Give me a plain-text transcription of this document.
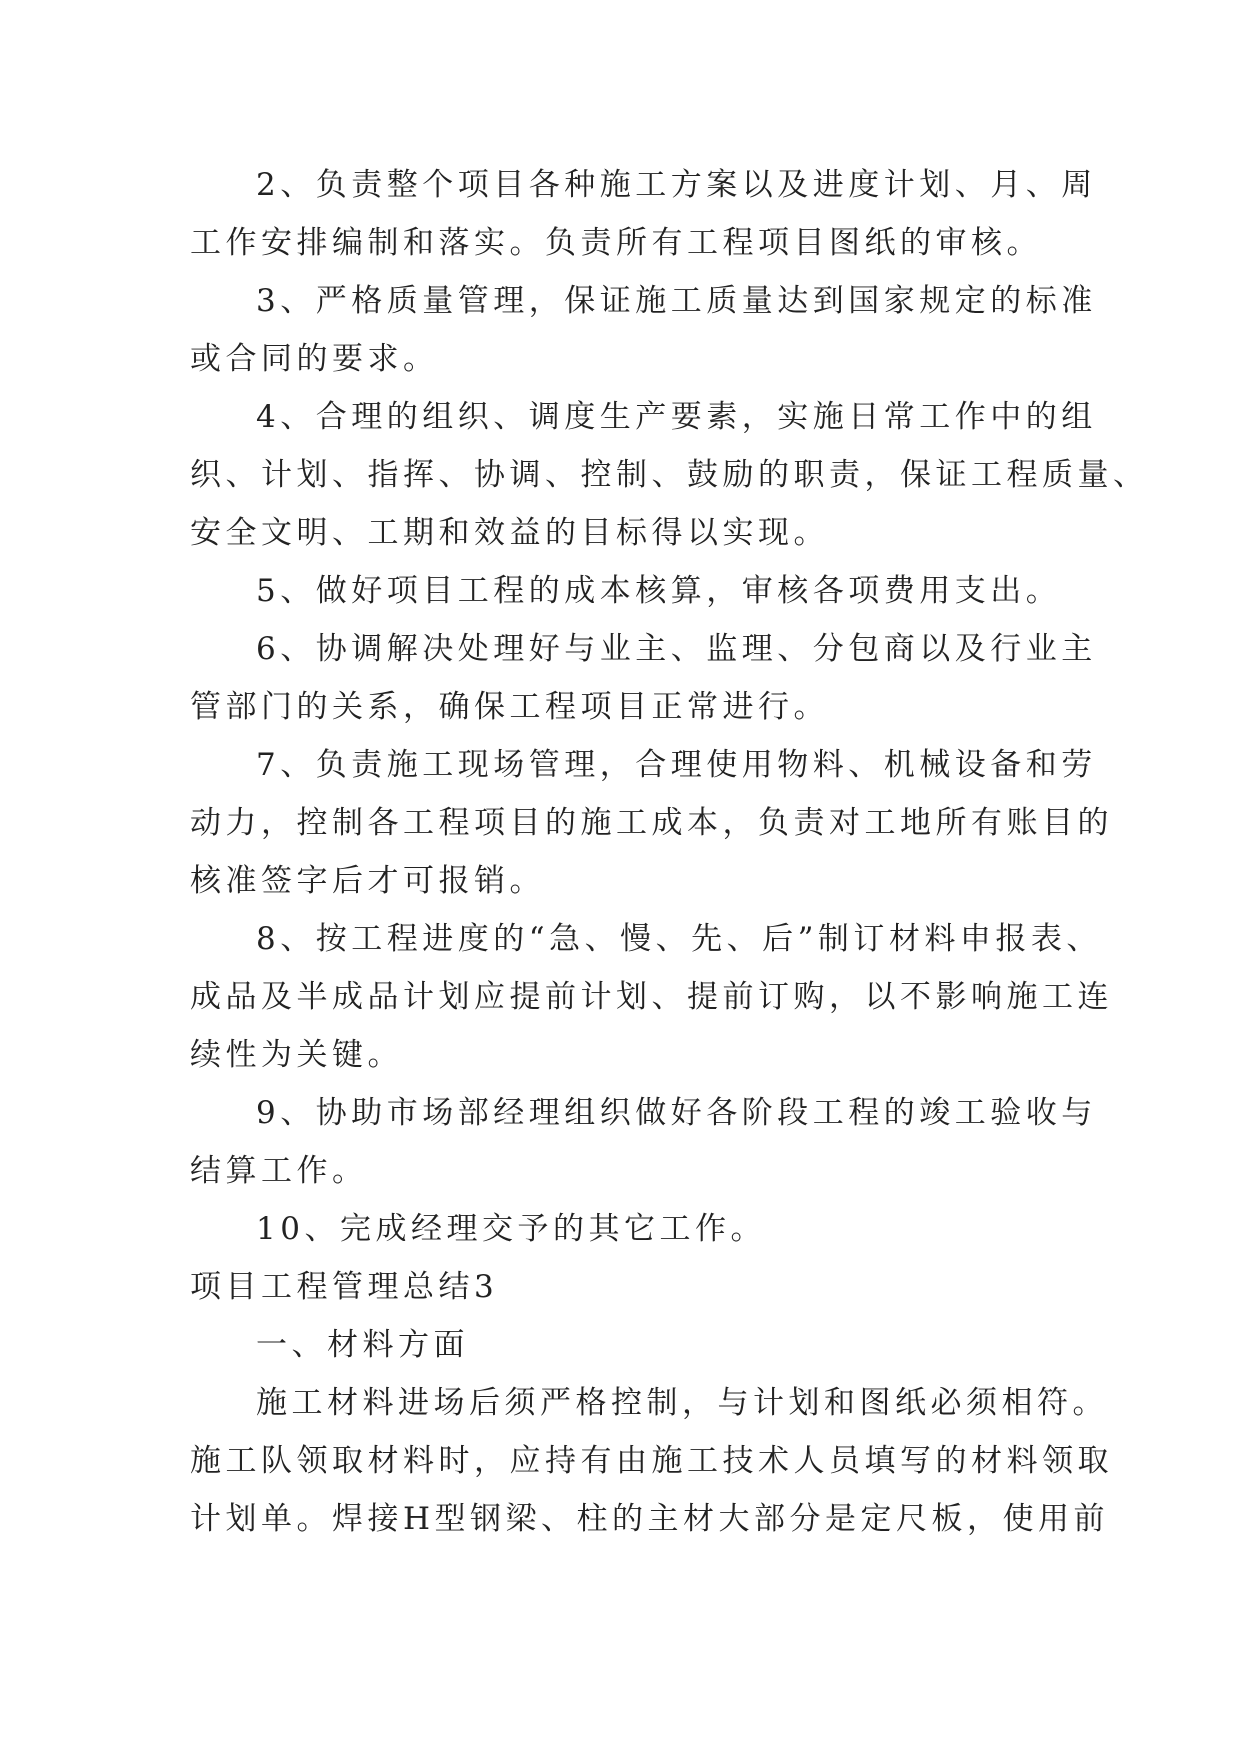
2、负责整个项目各种施工方案以及进度计划、月、周
工作安排编制和落实。负责所有工程项目图纸的审核。
3、严格质量管理，保证施工质量达到国家规定的标准
或合同的要求。
4、合理的组织、调度生产要素，实施日常工作中的组
织、计划、指挥、协调、控制、鼓励的职责，保证工程质量、
安全文明、工期和效益的目标得以实现。
5、做好项目工程的成本核算，审核各项费用支出。
6、协调解决处理好与业主、监理、分包商以及行业主
管部门的关系，确保工程项目正常进行。
7、负责施工现场管理，合理使用物料、机械设备和劳
动力，控制各工程项目的施工成本，负责对工地所有账目的
核准签字后才可报销。
8、按工程进度的“急、慢、先、后”制订材料申报表、
成品及半成品计划应提前计划、提前订购，以不影响施工连
续性为关键。
9、协助市场部经理组织做好各阶段工程的竣工验收与
结算工作。
10、完成经理交予的其它工作。
项目工程管理总结3
一、材料方面
施工材料进场后须严格控制，与计划和图纸必须相符。
施工队领取材料时，应持有由施工技术人员填写的材料领取
计划单。焊接H型钢梁、柱的主材大部分是定尺板，使用前
